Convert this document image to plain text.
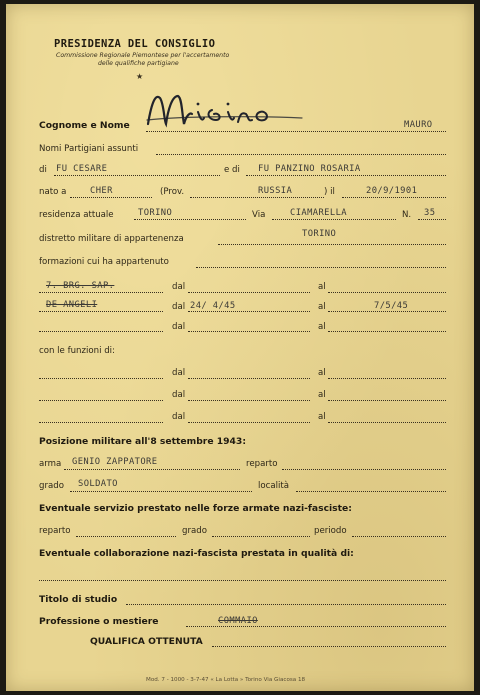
PRESIDENZA DEL CONSIGLIO
Commissione Regionale Piemontese per l'accertamento
delle qualifiche partigiane
★
Cognome e Nome	MAURO
Nomi Partigiani assunti
di FU CESARE	e di FU PANZINO ROSARIA
nato a	CHER	(Prov.	RUSSIA	) il	20/9/1901
residenza attuale	TORINO	Via	CIAMARELLA	N. 35
distretto militare di appartenenza	TORINO
formazioni cui ha appartenuto
7. BRG. SAP.	dal	al
DE ANGELI	dal 24/ 4/45	al	7/5/45
dal	al
con le funzioni di:
dal	al
dal	al
dal	al
Posizione militare all'8 settembre 1943:
arma GENIO ZAPPATORE	reparto
grado SOLDATO	località
Eventuale servizio prestato nelle forze armate nazi-fasciste:
reparto	grado	periodo
Eventuale collaborazione nazi-fascista prestata in qualità di:
Titolo di studio
Professione o mestiere	COMMAIO
QUALIFICA OTTENUTA
Mod. 7 - 1000 - 3-7-47 « La Lotta » Torino Via Giacosa 18
